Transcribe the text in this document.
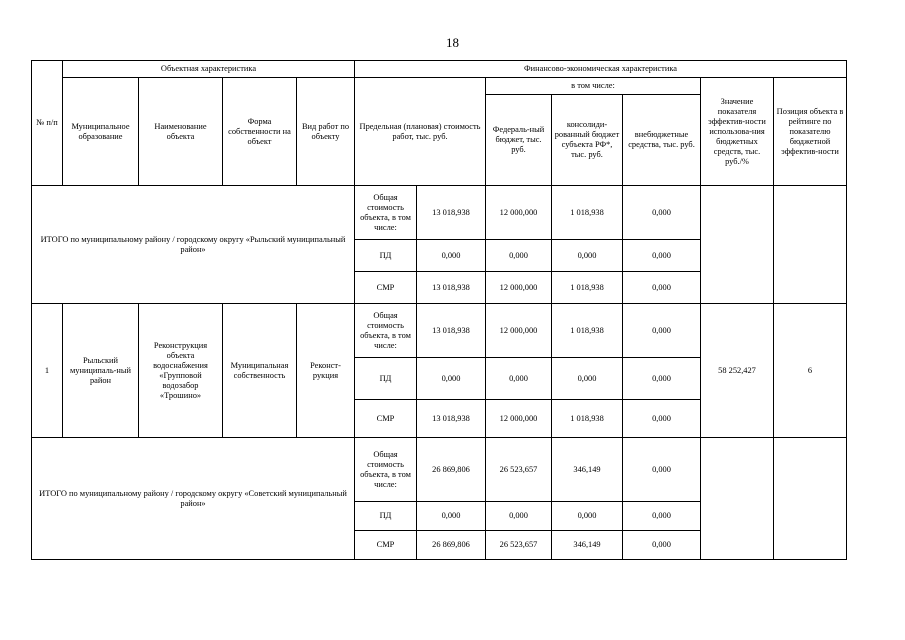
18
№ п/п	Объектная характеристика				Финансово-экономическая характеристика						
	Муниципальное образование	Наименование объекта	Форма собственности на объект	Вид работ по объекту	Предельная (плановая) стоимость работ, тыс. руб.		в том числе:			Значение показателя эффектив-ности использова-ния бюджетных средств, тыс. руб./%	Позиция объекта в рейтинге по показателю бюджетной эффектив-ности
							Федераль-ный бюджет, тыс. руб.	консолиди-рованный бюджет субъекта РФ*, тыс. руб.	внебюджетные средства, тыс. руб.		
ИТОГО по муниципальному району / городскому округу «Рыльский муниципальный район»					Общая стоимость объекта, в том числе:	13 018,938	12 000,000	1 018,938	0,000		
					ПД	0,000	0,000	0,000	0,000		
					СМР	13 018,938	12 000,000	1 018,938	0,000		
1	Рыльский муниципаль-ный район	Реконструкция объекта водоснабжения «Групповой водозабор «Трошино»	Муниципальная собственность	Реконст-рукция	Общая стоимость объекта, в том числе:	13 018,938	12 000,000	1 018,938	0,000	58 252,427	6
					ПД	0,000	0,000	0,000	0,000		
					СМР	13 018,938	12 000,000	1 018,938	0,000		
ИТОГО по муниципальному району / городскому округу «Советский муниципальный район»					Общая стоимость объекта, в том числе:	26 869,806	26 523,657	346,149	0,000		
					ПД	0,000	0,000	0,000	0,000		
					СМР	26 869,806	26 523,657	346,149	0,000		
